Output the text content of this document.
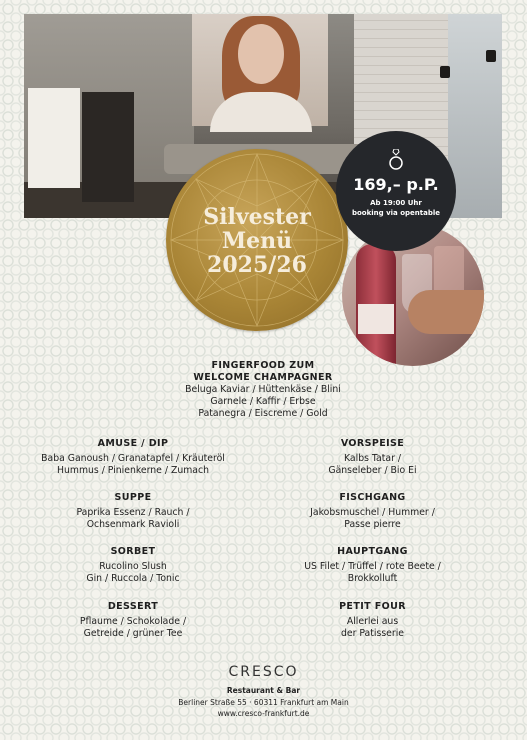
Silvester
Menü
2025/26
169,– p.P.
Ab 19:00 Uhr
booking via opentable
FINGERFOOD ZUM
WELCOME CHAMPAGNER
Beluga Kaviar / Hüttenkäse / Blini
Garnele / Kaffir / Erbse
Patanegra / Eiscreme / Gold
AMUSE / DIP
Baba Ganoush / Granatapfel / Kräuteröl
Hummus / Pinienkerne / Zumach
VORSPEISE
Kalbs Tatar /
Gänseleber / Bio Ei
SUPPE
Paprika Essenz / Rauch /
Ochsenmark Ravioli
FISCHGANG
Jakobsmuschel / Hummer /
Passe pierre
SORBET
Rucolino Slush
Gin / Ruccola / Tonic
HAUPTGANG
US Filet / Trüffel / rote Beete /
Brokkolluft
DESSERT
Pflaume / Schokolade /
Getreide / grüner Tee
PETIT FOUR
Allerlei aus
der Patisserie
CRESCO
Restaurant & Bar
Berliner Straße 55 · 60311 Frankfurt am Main
www.cresco-frankfurt.de
